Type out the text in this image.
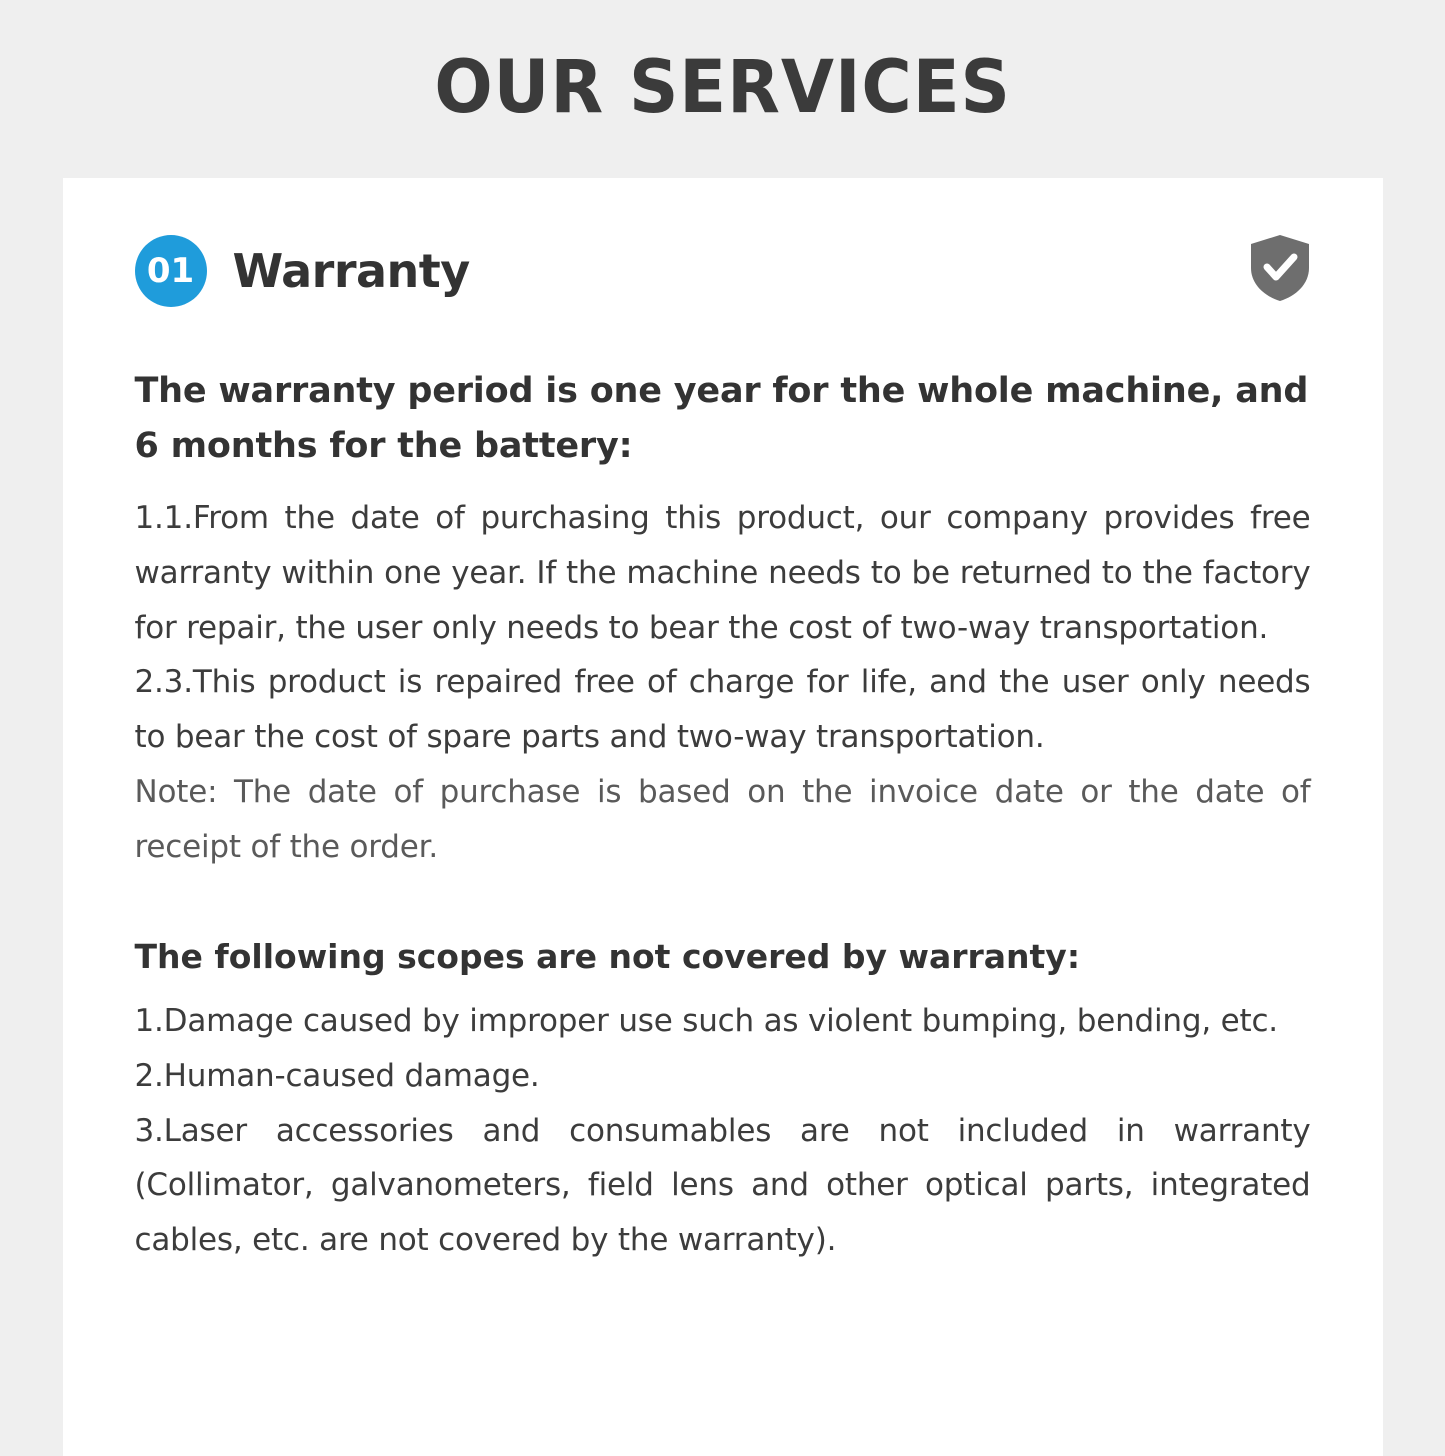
OUR SERVICES
01 Warranty
The warranty period is one year for the whole machine, and 6 months for the battery:

1.1.From the date of purchasing this product, our company provides free warranty within one year. If the machine needs to be returned to the factory for repair, the user only needs to bear the cost of two-way transportation.

2.3.This product is repaired free of charge for life, and the user only needs to bear the cost of spare parts and two-way transportation.

Note: The date of purchase is based on the invoice date or the date of receipt of the order.

The following scopes are not covered by warranty:

1.Damage caused by improper use such as violent bumping, bending, etc.

2.Human-caused damage.

3.Laser accessories and consumables are not included in warranty (Collimator, galvanometers, field lens and other optical parts, integrated cables, etc. are not covered by the warranty).
